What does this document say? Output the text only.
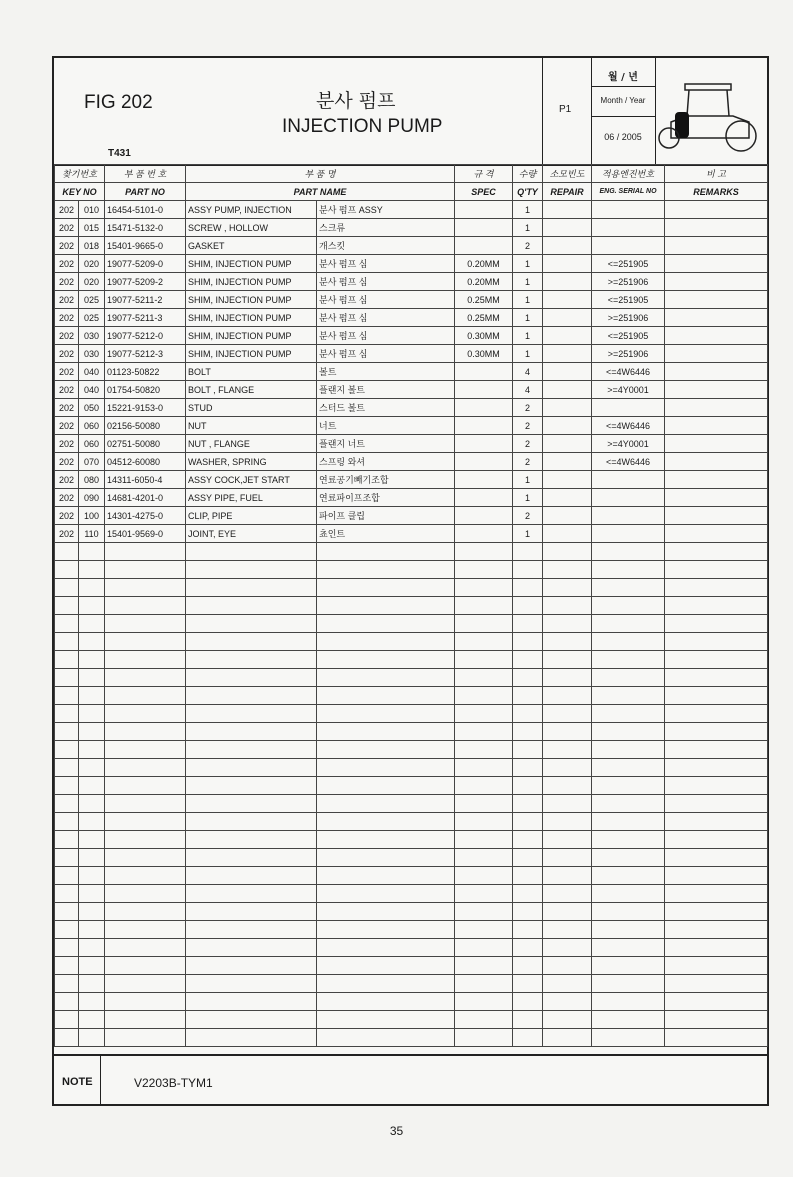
FIG 202
T431
분사 펌프
INJECTION PUMP
P1
월 / 년
Month / Year
06 / 2005
찾기번호		부 품 번 호	부 품 명		규 격	수량	소모빈도	적용엔진번호	비 고
KEY NO		PART NO	PART NAME		SPEC	Q'TY	REPAIR	ENG. SERIAL NO	REMARKS
202	010	16454-5101-0	ASSY PUMP, INJECTION	분사 펌프 ASSY		1			
202	015	15471-5132-0	SCREW , HOLLOW	스크류		1			
202	018	15401-9665-0	GASKET	개스킷		2			
202	020	19077-5209-0	SHIM, INJECTION PUMP	분사 펌프 심	0.20MM	1		<=251905	
202	020	19077-5209-2	SHIM, INJECTION PUMP	분사 펌프 심	0.20MM	1		>=251906	
202	025	19077-5211-2	SHIM, INJECTION PUMP	분사 펌프 심	0.25MM	1		<=251905	
202	025	19077-5211-3	SHIM, INJECTION PUMP	분사 펌프 심	0.25MM	1		>=251906	
202	030	19077-5212-0	SHIM, INJECTION PUMP	분사 펌프 심	0.30MM	1		<=251905	
202	030	19077-5212-3	SHIM, INJECTION PUMP	분사 펌프 심	0.30MM	1		>=251906	
202	040	01123-50822	BOLT	볼트		4		<=4W6446	
202	040	01754-50820	BOLT , FLANGE	플랜지 볼트		4		>=4Y0001	
202	050	15221-9153-0	STUD	스터드 볼트		2			
202	060	02156-50080	NUT	너트		2		<=4W6446	
202	060	02751-50080	NUT , FLANGE	플랜지 너트		2		>=4Y0001	
202	070	04512-60080	WASHER, SPRING	스프링 와셔		2		<=4W6446	
202	080	14311-6050-4	ASSY COCK,JET START	연료공기빼기조합		1			
202	090	14681-4201-0	ASSY PIPE, FUEL	연료파이프조합		1			
202	100	14301-4275-0	CLIP, PIPE	파이프 클립		2			
202	110	15401-9569-0	JOINT, EYE	쵸인트		1			

NOTE	V2203B-TYM1
35
